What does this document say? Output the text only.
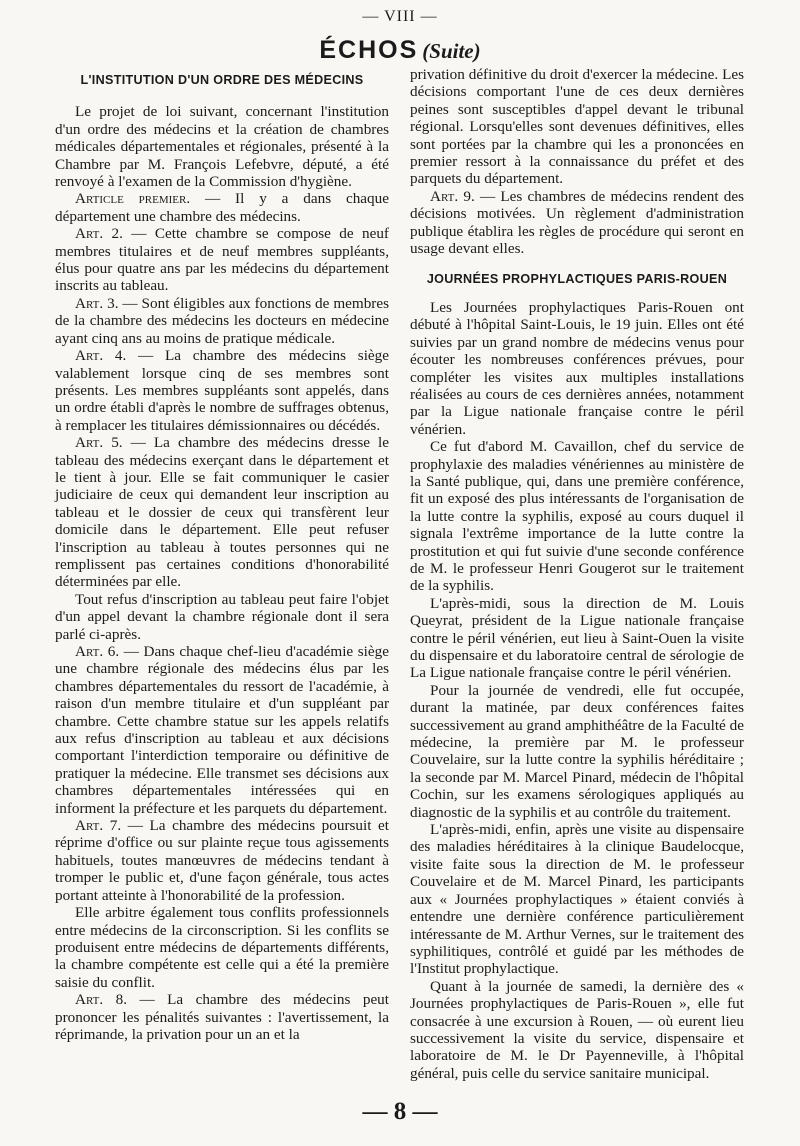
— VIII —
ÉCHOS (Suite)
L'INSTITUTION D'UN ORDRE DES MÉDECINS

Le projet de loi suivant, concernant l'institution d'un ordre des médecins et la création de chambres médicales départementales et régionales, présenté à la Chambre par M. François Lefebvre, député, a été renvoyé à l'examen de la Commission d'hygiène.

Article premier. — Il y a dans chaque département une chambre des médecins.

Art. 2. — Cette chambre se compose de neuf membres titulaires et de neuf membres suppléants, élus pour quatre ans par les médecins du département inscrits au tableau.

Art. 3. — Sont éligibles aux fonctions de membres de la chambre des médecins les docteurs en médecine ayant cinq ans au moins de pratique médicale.

Art. 4. — La chambre des médecins siège valablement lorsque cinq de ses membres sont présents. Les membres suppléants sont appelés, dans un ordre établi d'après le nombre de suffrages obtenus, à remplacer les titulaires démissionnaires ou décédés.

Art. 5. — La chambre des médecins dresse le tableau des médecins exerçant dans le département et le tient à jour. Elle se fait communiquer le casier judiciaire de ceux qui demandent leur inscription au tableau et le dossier de ceux qui transfèrent leur domicile dans le département. Elle peut refuser l'inscription au tableau à toutes personnes qui ne remplissent pas certaines conditions d'honorabilité déterminées par elle.

Tout refus d'inscription au tableau peut faire l'objet d'un appel devant la chambre régionale dont il sera parlé ci-après.

Art. 6. — Dans chaque chef-lieu d'académie siège une chambre régionale des médecins élus par les chambres départementales du ressort de l'académie, à raison d'un membre titulaire et d'un suppléant par chambre. Cette chambre statue sur les appels relatifs aux refus d'inscription au tableau et aux décisions comportant l'interdiction temporaire ou définitive de pratiquer la médecine. Elle transmet ses décisions aux chambres départementales intéressées qui en informent la préfecture et les parquets du département.

Art. 7. — La chambre des médecins poursuit et réprime d'office ou sur plainte reçue tous agissements habituels, toutes manœuvres de médecins tendant à tromper le public et, d'une façon générale, tous actes portant atteinte à l'honorabilité de la profession.

Elle arbitre également tous conflits professionnels entre médecins de la circonscription. Si les conflits se produisent entre médecins de départements différents, la chambre compétente est celle qui a été la première saisie du conflit.

Art. 8. — La chambre des médecins peut prononcer les pénalités suivantes : l'avertissement, la réprimande, la privation pour un an et la

privation définitive du droit d'exercer la médecine. Les décisions comportant l'une de ces deux dernières peines sont susceptibles d'appel devant le tribunal régional. Lorsqu'elles sont devenues définitives, elles sont portées par la chambre qui les a prononcées en premier ressort à la connaissance du préfet et des parquets du département.

Art. 9. — Les chambres de médecins rendent des décisions motivées. Un règlement d'administration publique établira les règles de procédure qui seront en usage devant elles.

JOURNÉES PROPHYLACTIQUES PARIS-ROUEN

Les Journées prophylactiques Paris-Rouen ont débuté à l'hôpital Saint-Louis, le 19 juin. Elles ont été suivies par un grand nombre de médecins venus pour écouter les nombreuses conférences prévues, pour compléter les visites aux multiples installations réalisées au cours de ces dernières années, notamment par la Ligue nationale française contre le péril vénérien.

Ce fut d'abord M. Cavaillon, chef du service de prophylaxie des maladies vénériennes au ministère de la Santé publique, qui, dans une première conférence, fit un exposé des plus intéressants de l'organisation de la lutte contre la syphilis, exposé au cours duquel il signala l'extrême importance de la lutte contre la prostitution et qui fut suivie d'une seconde conférence de M. le professeur Henri Gougerot sur le traitement de la syphilis.

L'après-midi, sous la direction de M. Louis Queyrat, président de la Ligue nationale française contre le péril vénérien, eut lieu à Saint-Ouen la visite du dispensaire et du laboratoire central de sérologie de La Ligue nationale française contre le péril vénérien.

Pour la journée de vendredi, elle fut occupée, durant la matinée, par deux conférences faites successivement au grand amphithéâtre de la Faculté de médecine, la première par M. le professeur Couvelaire, sur la lutte contre la syphilis héréditaire ; la seconde par M. Marcel Pinard, médecin de l'hôpital Cochin, sur les examens sérologiques appliqués au diagnostic de la syphilis et au contrôle du traitement.

L'après-midi, enfin, après une visite au dispensaire des maladies héréditaires à la clinique Baudelocque, visite faite sous la direction de M. le professeur Couvelaire et de M. Marcel Pinard, les participants aux « Journées prophylactiques » étaient conviés à entendre une dernière conférence particulièrement intéressante de M. Arthur Vernes, sur le traitement des syphilitiques, contrôlé et guidé par les méthodes de l'Institut prophylactique.

Quant à la journée de samedi, la dernière des « Journées prophylactiques de Paris-Rouen », elle fut consacrée à une excursion à Rouen, — où eurent lieu successivement la visite du service, dispensaire et laboratoire de M. le Dr Payenneville, à l'hôpital général, puis celle du service sanitaire municipal.

— 8 —
